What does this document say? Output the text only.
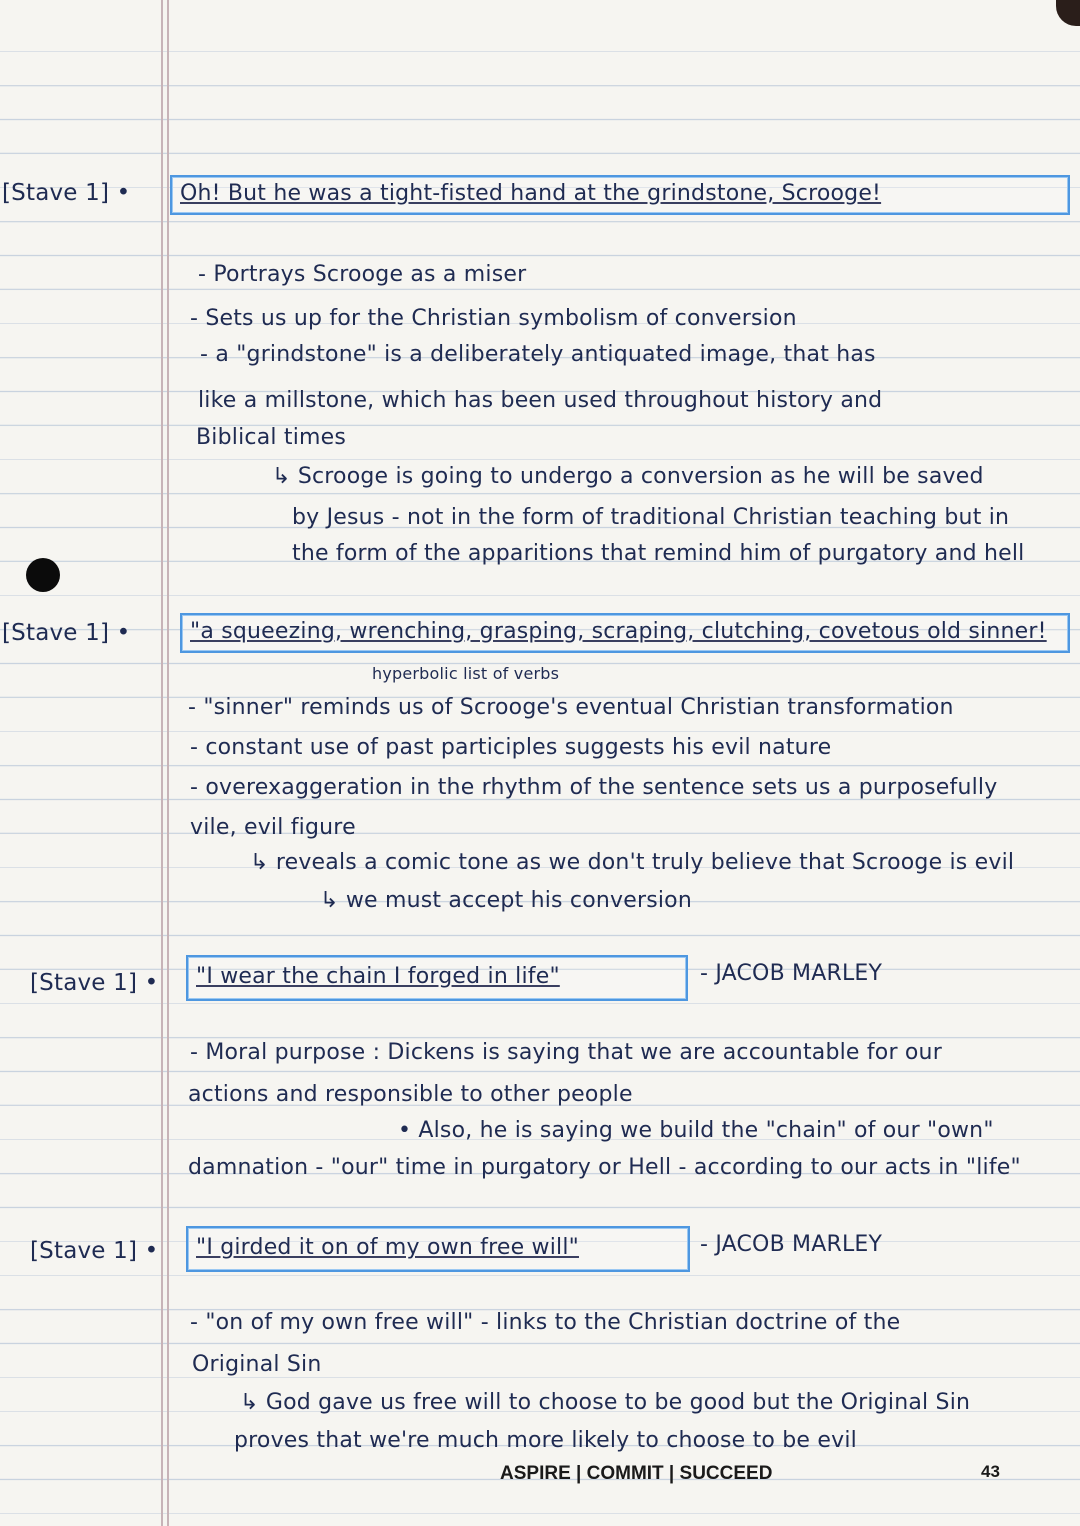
[Stave 1] •	Oh! But he was a tight-fisted hand at the grindstone, Scrooge!
- Portrays Scrooge as a miser
- Sets us up for the Christian symbolism of conversion
- a "grindstone" is a deliberately antiquated image, that has
like a millstone, which has been used throughout history and
Biblical times
↳ Scrooge is going to undergo a conversion as he will be saved
by Jesus - not in the form of traditional Christian teaching but in
the form of the apparitions that remind him of purgatory and hell
[Stave 1] •	"a squeezing, wrenching, grasping, scraping, clutching, covetous old sinner!
hyperbolic list of verbs
- "sinner" reminds us of Scrooge's eventual Christian transformation
- constant use of past participles suggests his evil nature
- overexaggeration in the rhythm of the sentence sets us a purposefully
vile, evil figure
↳ reveals a comic tone as we don't truly believe that Scrooge is evil
↳ we must accept his conversion
[Stave 1] •	"I wear the chain I forged in life"	- JACOB MARLEY
- Moral purpose : Dickens is saying that we are accountable for our
actions and responsible to other people
• Also, he is saying we build the "chain" of our "own"
damnation - "our" time in purgatory or Hell - according to our acts in "life"
[Stave 1] •	"I girded it on of my own free will"	- JACOB MARLEY
- "on of my own free will" - links to the Christian doctrine of the
Original Sin
↳ God gave us free will to choose to be good but the Original Sin
proves that we're much more likely to choose to be evil
ASPIRE | COMMIT | SUCCEED	43
